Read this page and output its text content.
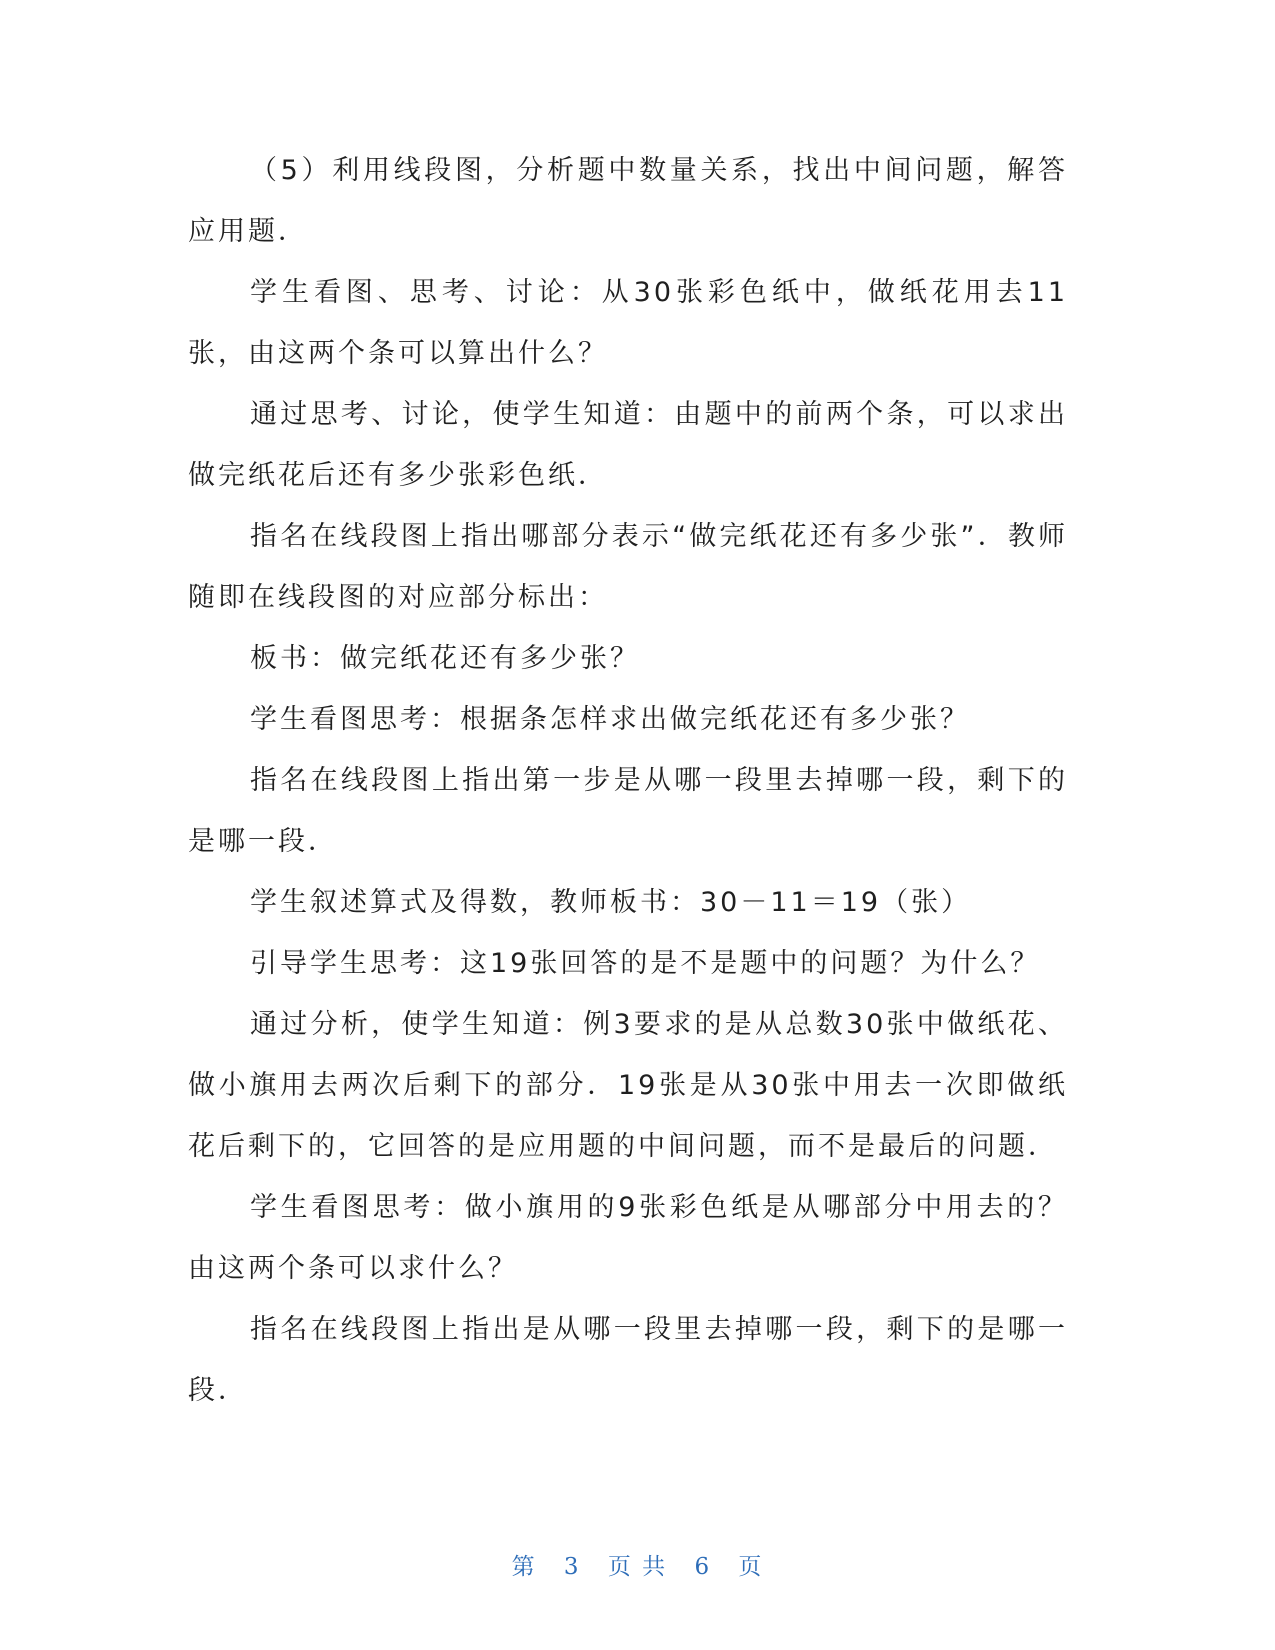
（5）利用线段图，分析题中数量关系，找出中间问题，解答应用题．

学生看图、思考、讨论：从30张彩色纸中，做纸花用去11张，由这两个条可以算出什么？

通过思考、讨论，使学生知道：由题中的前两个条，可以求出做完纸花后还有多少张彩色纸．

指名在线段图上指出哪部分表示“做完纸花还有多少张”．教师随即在线段图的对应部分标出：

板书：做完纸花还有多少张？

学生看图思考：根据条怎样求出做完纸花还有多少张？

指名在线段图上指出第一步是从哪一段里去掉哪一段，剩下的是哪一段．

学生叙述算式及得数，教师板书：30－11＝19（张）

引导学生思考：这19张回答的是不是题中的问题？为什么？

通过分析，使学生知道：例3要求的是从总数30张中做纸花、做小旗用去两次后剩下的部分．19张是从30张中用去一次即做纸花后剩下的，它回答的是应用题的中间问题，而不是最后的问题．

学生看图思考：做小旗用的9张彩色纸是从哪部分中用去的？由这两个条可以求什么？

指名在线段图上指出是从哪一段里去掉哪一段，剩下的是哪一段．

第 3 页 共 6 页
